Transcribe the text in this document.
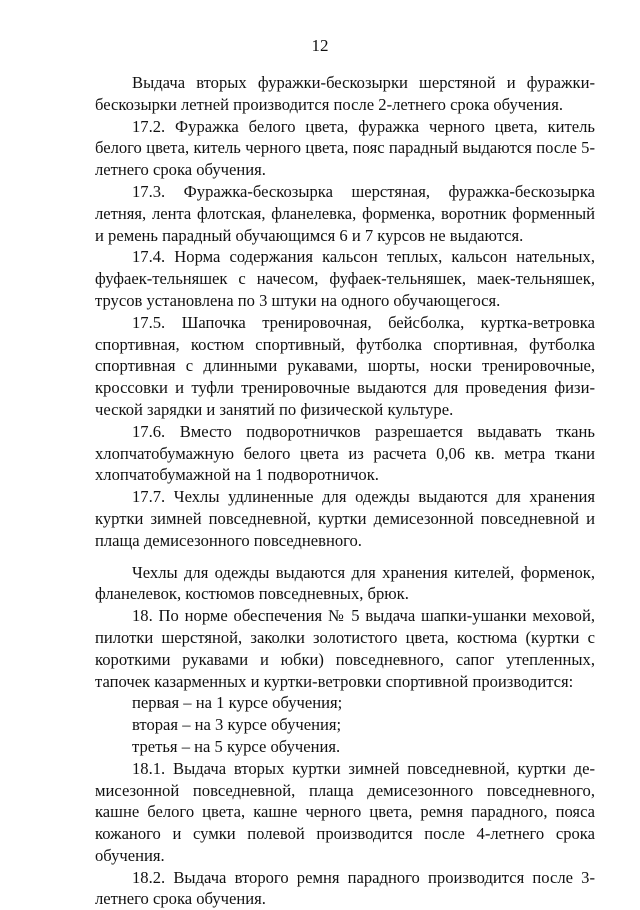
12

Выдача вторых фуражки-бескозырки шерстяной и фуражки-бескозырки летней производится после 2-летнего срока обучения.

17.2. Фуражка белого цвета, фуражка черного цвета, китель белого цвета, китель черного цвета, пояс парадный выдаются после 5-летнего срока обучения.

17.3. Фуражка-бескозырка шерстяная, фуражка-бескозырка летняя, лента флотская, фланелевка, форменка, воротник форменный и ремень парадный обучающимся 6 и 7 курсов не выдаются.

17.4. Норма содержания кальсон теплых, кальсон нательных, фуфаек-тельняшек с начесом, фуфаек-тельняшек, маек-тельняшек, трусов установлена по 3 штуки на одного обучающегося.

17.5. Шапочка тренировочная, бейсболка, куртка-ветровка спортивная, костюм спортивный, футболка спортивная, футболка спортивная с длинными рукавами, шорты, носки тренировочные, кроссовки и туфли тренировочные выдаются для проведения физической зарядки и занятий по физической культуре.

17.6. Вместо подворотничков разрешается выдавать ткань хлопчатобумажную белого цвета из расчета 0,06 кв. метра ткани хлопчатобумажной на 1 подворотничок.

17.7. Чехлы удлиненные для одежды выдаются для хранения куртки зимней повседневной, куртки демисезонной повседневной и плаща демисезонного повседневного.

Чехлы для одежды выдаются для хранения кителей, форменок, фланелевок, костюмов повседневных, брюк.

18. По норме обеспечения № 5 выдача шапки-ушанки меховой, пилотки шерстяной, заколки золотистого цвета, костюма (куртки с короткими рукавами и юбки) повседневного, сапог утепленных, тапочек казарменных и куртки-ветровки спортивной производится:

первая – на 1 курсе обучения;

вторая – на 3 курсе обучения;

третья – на 5 курсе обучения.

18.1. Выдача вторых куртки зимней повседневной, куртки демисезонной повседневной, плаща демисезонного повседневного, кашне белого цвета, кашне черного цвета, ремня парадного, пояса кожаного и сумки полевой производится после 4-летнего срока обучения.

18.2. Выдача второго ремня парадного производится после 3-летнего срока обучения.
